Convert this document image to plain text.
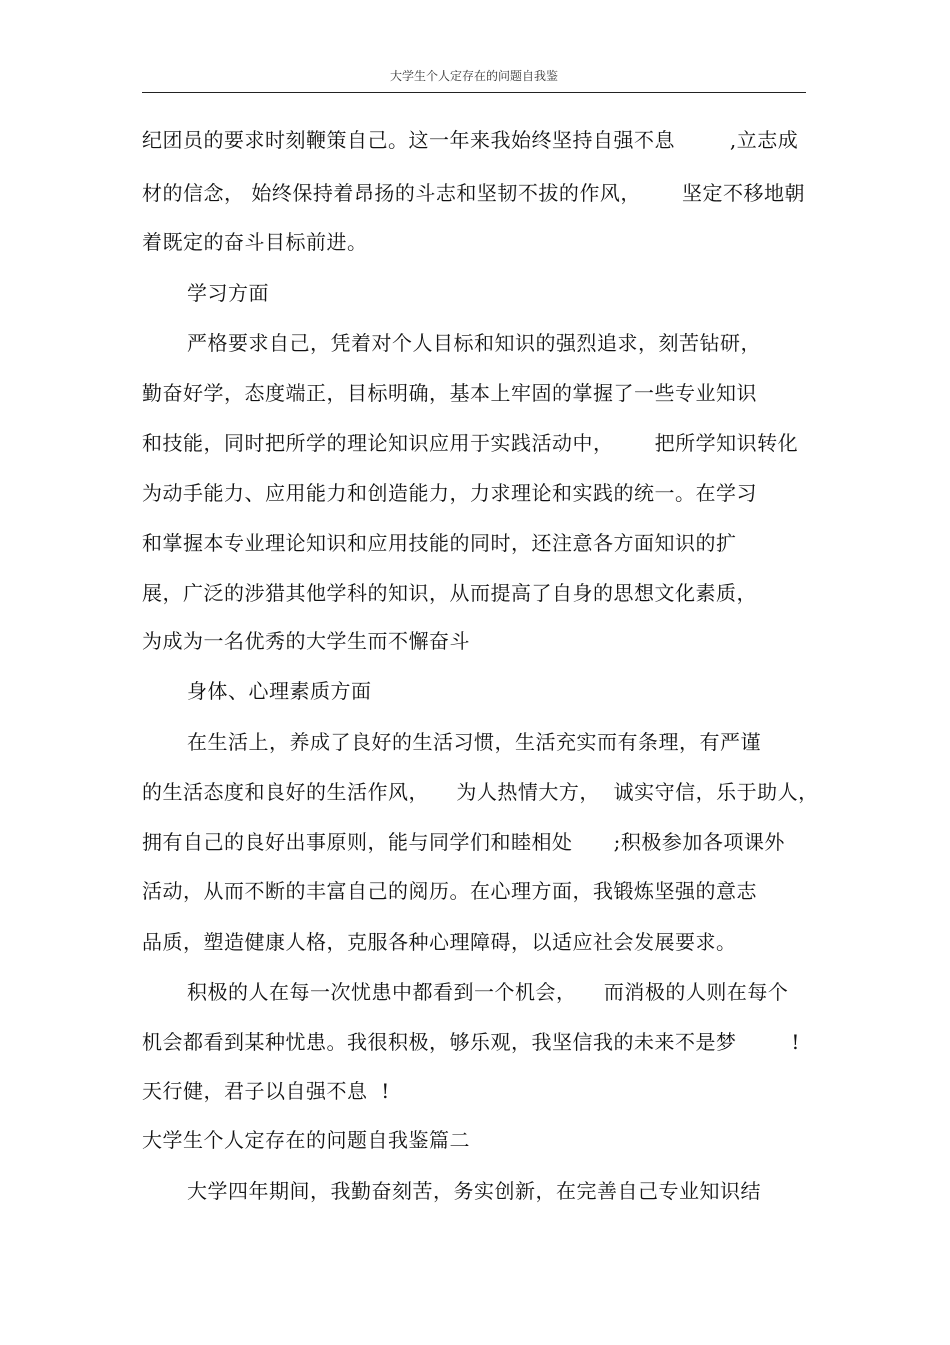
大学生个人定存在的问题自我鉴
纪团员的要求时刻鞭策自己。这一年来我始终坚持自强不息        ,立志成
材的信念， 始终保持着昂扬的斗志和坚韧不拔的作风，      坚定不移地朝
着既定的奋斗目标前进。
学习方面
严格要求自己，凭着对个人目标和知识的强烈追求，刻苦钻研，
勤奋好学，态度端正，目标明确，基本上牢固的掌握了一些专业知识
和技能，同时把所学的理论知识应用于实践活动中，      把所学知识转化
为动手能力、应用能力和创造能力，力求理论和实践的统一。在学习
和掌握本专业理论知识和应用技能的同时，还注意各方面知识的扩
展，广泛的涉猎其他学科的知识，从而提高了自身的思想文化素质，
为成为一名优秀的大学生而不懈奋斗
身体、心理素质方面
在生活上，养成了良好的生活习惯，生活充实而有条理，有严谨
的生活态度和良好的生活作风，    为人热情大方，  诚实守信，乐于助人，
拥有自己的良好出事原则，能与同学们和睦相处      ;积极参加各项课外
活动，从而不断的丰富自己的阅历。在心理方面，我锻炼坚强的意志
品质，塑造健康人格，克服各种心理障碍，以适应社会发展要求。
积极的人在每一次忧患中都看到一个机会，    而消极的人则在每个
机会都看到某种忧患。我很积极，够乐观，我坚信我的未来不是梦        !
天行健，君子以自强不息  !
大学生个人定存在的问题自我鉴篇二
大学四年期间，我勤奋刻苦，务实创新，在完善自己专业知识结
